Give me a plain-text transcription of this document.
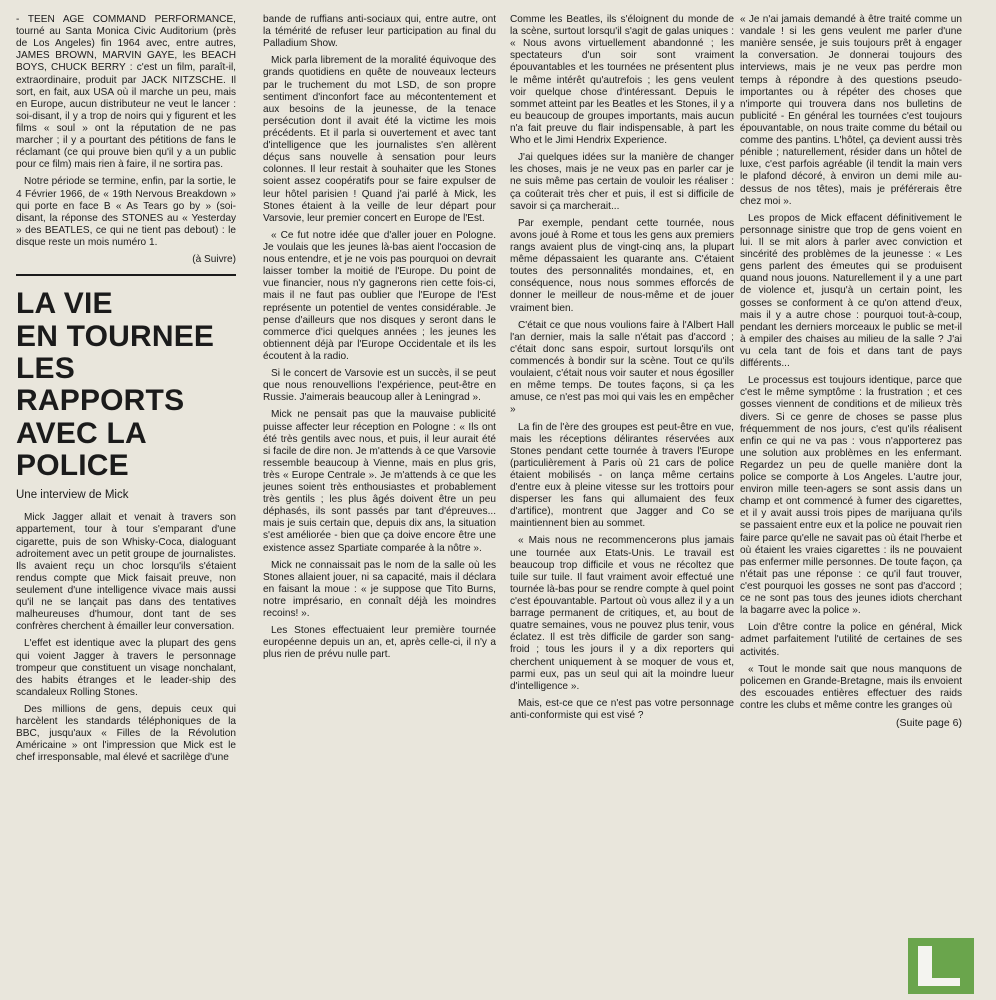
- TEEN AGE COMMAND PERFORMANCE, tourné au Santa Monica Civic Auditorium (près de Los Angeles) fin 1964 avec, entre autres, JAMES BROWN, MARVIN GAYE, les BEACH BOYS, CHUCK BERRY : c'est un film, paraît-il, extraordinaire, produit par JACK NITZSCHE. Il sort, en fait, aux USA où il marche un peu, mais en Europe, aucun distributeur ne veut le lancer : soi-disant, il y a trop de noirs qui y figurent et les films « soul » ont la réputation de ne pas marcher ; il y a pourtant des pétitions de fans le réclamant (ce qui prouve bien qu'il y a un public pour ce film) mais rien à faire, il ne sortira pas.

Notre période se termine, enfin, par la sortie, le 4 Février 1966, de « 19th Nervous Breakdown » qui porte en face B « As Tears go by » (soi-disant, la réponse des STONES au « Yesterday » des BEATLES, ce qui ne tient pas debout) : le disque reste un mois numéro 1.

(à Suivre)

LA VIE
EN TOURNEE
LES
RAPPORTS
AVEC LA
POLICE

Une interview de Mick

Mick Jagger allait et venait à travers son appartement, tour à tour s'emparant d'une cigarette, puis de son Whisky-Coca, dialoguant adroitement avec un petit groupe de journalistes. Ils avaient reçu un choc lorsqu'ils s'étaient rendus compte que Mick faisait preuve, non seulement d'une intelligence vivace mais aussi qu'il ne se lançait pas dans des tentatives malheureuses d'humour, dont tant de ses confrères cherchent à émailler leur conversation.

L'effet est identique avec la plupart des gens qui voient Jagger à travers le personnage trompeur que constituent un visage nonchalant, des habits étranges et le leader-ship des scandaleux Rolling Stones.

Des millions de gens, depuis ceux qui harcèlent les standards téléphoniques de la BBC, jusqu'aux « Filles de la Révolution Américaine » ont l'impression que Mick est le chef irresponsable, mal élevé et sacrilège d'une

bande de ruffians anti-sociaux qui, entre autre, ont la témérité de refuser leur participation au final du Palladium Show.

Mick parla librement de la moralité équivoque des grands quotidiens en quête de nouveaux lecteurs par le truchement du mot LSD, de son propre sentiment d'inconfort face au mécontentement et aux besoins de la jeunesse, de la tenace persécution dont il avait été la victime les mois précédents. Et il parla si ouvertement et avec tant d'intelligence que les journalistes s'en allèrent déçus sans nouvelle à sensation pour leurs colonnes. Il leur restait à souhaiter que les Stones soient assez coopératifs pour se faire expulser de leur hôtel parisien ! Quand j'ai parlé à Mick, les Stones étaient à la veille de leur départ pour Varsovie, leur premier concert en Europe de l'Est.

« Ce fut notre idée que d'aller jouer en Pologne. Je voulais que les jeunes là-bas aient l'occasion de nous entendre, et je ne vois pas pourquoi on devrait laisser tomber la moitié de l'Europe. Du point de vue financier, nous n'y gagnerons rien cette fois-ci, mais il ne faut pas oublier que l'Europe de l'Est représente un potentiel de ventes considérable. Je pense d'ailleurs que nos disques y seront dans le commerce d'ici quelques années ; les jeunes les obtiennent déjà par l'Europe Occidentale et ils les écoutent à la radio.

Si le concert de Varsovie est un succès, il se peut que nous renouvellions l'expérience, peut-être en Russie. J'aimerais beaucoup aller à Leningrad ».

Mick ne pensait pas que la mauvaise publicité puisse affecter leur réception en Pologne : « Ils ont été très gentils avec nous, et puis, il leur aurait été si facile de dire non. Je m'attends à ce que Varsovie ressemble beaucoup à Vienne, mais en plus gris, très « Europe Centrale ». Je m'attends à ce que les jeunes soient très enthousiastes et probablement très gentils ; les plus âgés doivent être un peu déphasés, ils sont passés par tant d'épreuves... mais je suis certain que, depuis dix ans, la situation s'est améliorée - bien que ça doive encore être une existence assez Spartiate comparée à la nôtre ».

Mick ne connaissait pas le nom de la salle où les Stones allaient jouer, ni sa capacité, mais il déclara en faisant la moue : « je suppose que Tito Burns, notre imprésario, en connaît déjà les moindres recoins! ».

Les Stones effectuaient leur première tournée européenne depuis un an, et, après celle-ci, il n'y a plus rien de prévu nulle part.

Comme les Beatles, ils s'éloignent du monde de la scène, surtout lorsqu'il s'agit de galas uniques : « Nous avons virtuellement abandonné ; les spectateurs d'un soir sont vraiment épouvantables et les tournées ne présentent plus le même intérêt qu'autrefois ; les gens veulent voir quelque chose d'intéressant. Depuis le sommet atteint par les Beatles et les Stones, il y a eu beaucoup de groupes importants, mais aucun n'a fait preuve du flair indispensable, à part les Who et le Jimi Hendrix Experience.

J'ai quelques idées sur la manière de changer les choses, mais je ne veux pas en parler car je ne suis même pas certain de vouloir les réaliser : ça coûterait très cher et puis, il est si difficile de savoir si ça marcherait...

Par exemple, pendant cette tournée, nous avons joué à Rome et tous les gens aux premiers rangs avaient plus de vingt-cinq ans, la plupart même dépassaient les quarante ans. C'étaient toutes des personnalités mondaines, et, en conséquence, nous nous sommes efforcés de donner le meilleur de nous-même et de jouer vraiment bien.

C'était ce que nous voulions faire à l'Albert Hall l'an dernier, mais la salle n'était pas d'accord ; c'était donc sans espoir, surtout lorsqu'ils ont commencés à bondir sur la scène. Tout ce qu'ils voulaient, c'était nous voir sauter et nous égosiller en même temps. De toutes façons, si ça les amuse, ce n'est pas moi qui vais les en empêcher »

La fin de l'ère des groupes est peut-être en vue, mais les réceptions délirantes réservées aux Stones pendant cette tournée à travers l'Europe (particulièrement à Paris où 21 cars de police étaient mobilisés - on lança même certains d'entre eux à pleine vitesse sur les trottoirs pour disperser les fans qui allumaient des feux d'artifice), montrent que Jagger and Co se maintiennent bien au sommet.

« Mais nous ne recommencerons plus jamais une tournée aux Etats-Unis. Le travail est beaucoup trop difficile et vous ne récoltez que tuile sur tuile. Il faut vraiment avoir effectué une tournée là-bas pour se rendre compte à quel point c'est épouvantable. Partout où vous allez il y a un barrage permanent de critiques, et, au bout de quatre semaines, vous ne pouvez plus tenir, vous éclatez. Il est très difficile de garder son sang-froid ; tous les jours il y a dix reporters qui cherchent uniquement à se moquer de vous et, parmi eux, pas un seul qui ait la moindre lueur d'intelligence ».

Mais, est-ce que ce n'est pas votre personnage anti-conformiste qui est visé ?

« Je n'ai jamais demandé à être traité comme un vandale ! si les gens veulent me parler d'une manière sensée, je suis toujours prêt à engager la conversation. Je donnerai toujours des interviews, mais je ne veux pas perdre mon temps à répondre à des questions pseudo-importantes ou à répéter des choses que n'importe qui trouvera dans nos bulletins de publicité - En général les tournées c'est toujours épouvantable, on nous traite comme du bétail ou comme des pantins. L'hôtel, ça devient aussi très pénible ; naturellement, résider dans un hôtel de luxe, c'est parfois agréable (il tendit la main vers le plafond décoré, à environ un demi mile au-dessus de nos têtes), mais je préférerais être chez moi ».

Les propos de Mick effacent définitivement le personnage sinistre que trop de gens voient en lui. Il se mit alors à parler avec conviction et sincérité des problèmes de la jeunesse : « Les gens parlent des émeutes qui se produisent quand nous jouons. Naturellement il y a une part de violence et, jusqu'à un certain point, les gosses se conforment à ce qu'on attend d'eux, mais il y a autre chose : pourquoi tout-à-coup, pendant les derniers morceaux le public se met-il à empiler des chaises au milieu de la salle ? J'ai vu cela tant de fois et dans tant de pays différents...

Le processus est toujours identique, parce que c'est le même symptôme : la frustration ; et ces gosses viennent de conditions et de milieux très divers. Si ce genre de choses se passe plus fréquemment de nos jours, c'est qu'ils réalisent enfin ce qui ne va pas : vous n'apporterez pas une solution aux problèmes en les enfermant. Regardez un peu de quelle manière dont la police se comporte à Los Angeles. L'autre jour, environ mille teen-agers se sont assis dans un champ et ont commencé à fumer des cigarettes, et il y avait aussi trois pipes de marijuana qu'ils se passaient entre eux et la police ne pouvait rien faire parce qu'elle ne savait pas où était l'herbe et où étaient les vraies cigarettes : ils ne pouvaient pas enfermer mille personnes. De toute façon, ça n'était pas une réponse : ce qu'il faut trouver, c'est pourquoi les gosses ne sont pas d'accord ; ce ne sont pas tous des jeunes idiots cherchant la bagarre avec la police ».

Loin d'être contre la police en général, Mick admet parfaitement l'utilité de certaines de ses activités.

« Tout le monde sait que nous manquons de policemen en Grande-Bretagne, mais ils envoient des escouades entières effectuer des raids contre les clubs et même contre les granges où

(Suite page 6)
